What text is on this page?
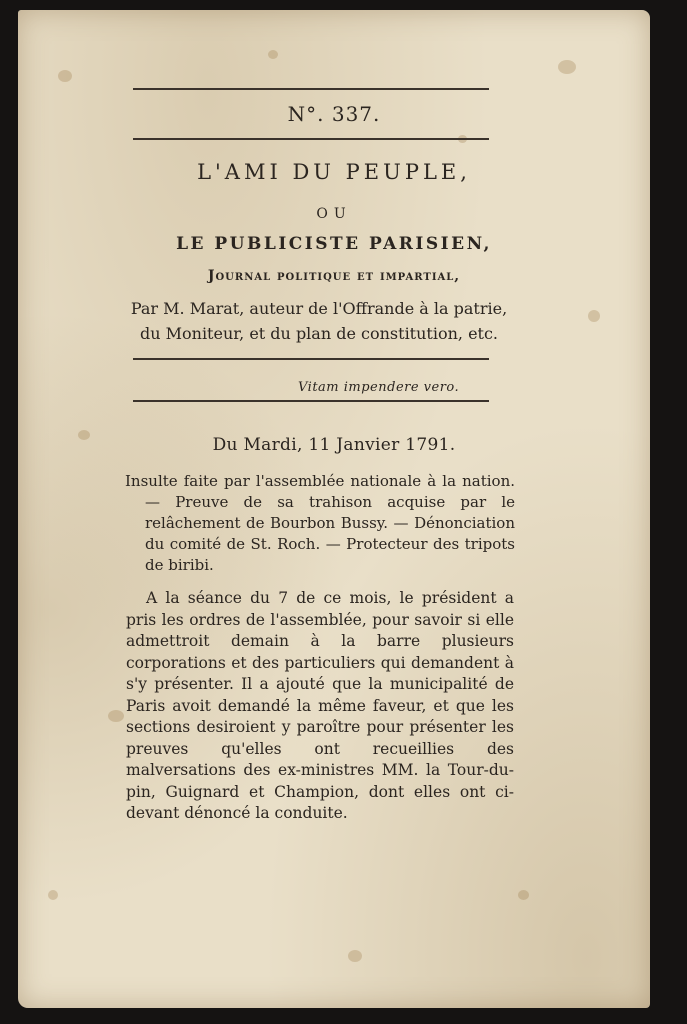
N°. 337.
L'AMI DU PEUPLE,
OU
LE PUBLICISTE PARISIEN,
Journal politique et impartial,
Par M. Marat, auteur de l'Offrande à la patrie, du Moniteur, et du plan de constitution, etc.
Vitam impendere vero.
Du Mardi, 11 Janvier 1791.

Insulte faite par l'assemblée nationale à la nation. — Preuve de sa trahison acquise par le relâchement de Bourbon Bussy. — Dénonciation du comité de St. Roch. — Protecteur des tripots de biribi.

A la séance du 7 de ce mois, le président a pris les ordres de l'assemblée, pour savoir si elle admettroit demain à la barre plusieurs corporations et des particuliers qui demandent à s'y présenter. Il a ajouté que la municipalité de Paris avoit demandé la même faveur, et que les sections desiroient y paroître pour présenter les preuves qu'elles ont recueillies des malversations des ex-ministres MM. la Tour-du-pin, Guignard et Champion, dont elles ont ci-devant dénoncé la conduite.
